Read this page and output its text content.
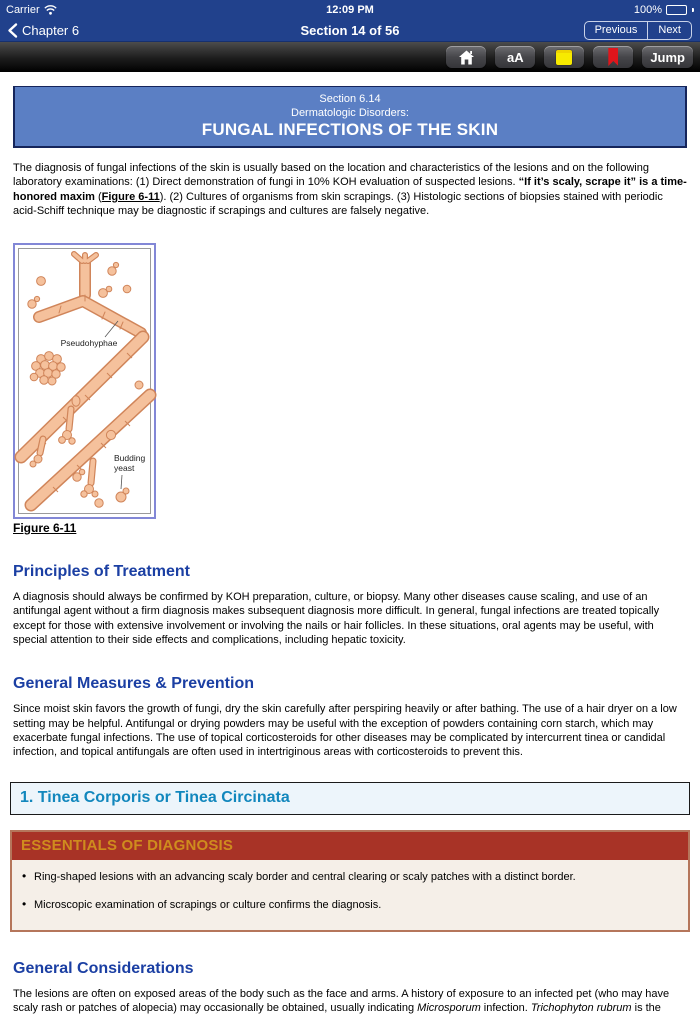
Carrier	12:09 PM	100%
Chapter 6	Section 14 of 56	Previous	Next
aA	Jump
Section 6.14
Dermatologic Disorders:
FUNGAL INFECTIONS OF THE SKIN

The diagnosis of fungal infections of the skin is usually based on the location and characteristics of the lesions and on the following laboratory examinations: (1) Direct demonstration of fungi in 10% KOH evaluation of suspected lesions. “If it’s scaly, scrape it” is a time-honored maxim (Figure 6-11). (2) Cultures of organisms from skin scrapings. (3) Histologic sections of biopsies stained with periodic acid-Schiff technique may be diagnostic if scrapings and cultures are falsely negative.

Pseudohyphae
Budding
yeast
Figure 6-11
Principles of Treatment

A diagnosis should always be confirmed by KOH preparation, culture, or biopsy. Many other diseases cause scaling, and use of an antifungal agent without a firm diagnosis makes subsequent diagnosis more difficult. In general, fungal infections are treated topically except for those with extensive involvement or involving the nails or hair follicles. In these situations, oral agents may be useful, with special attention to their side effects and complications, including hepatic toxicity.

General Measures & Prevention

Since moist skin favors the growth of fungi, dry the skin carefully after perspiring heavily or after bathing. The use of a hair dryer on a low setting may be helpful. Antifungal or drying powders may be useful with the exception of powders containing corn starch, which may exacerbate fungal infections. The use of topical corticosteroids for other diseases may be complicated by intercurrent tinea or candidal infection, and topical antifungals are often used in intertriginous areas with corticosteroids to prevent this.

1. Tinea Corporis or Tinea Circinata
ESSENTIALS OF DIAGNOSIS
• Ring-shaped lesions with an advancing scaly border and central clearing or scaly patches with a distinct border.
• Microscopic examination of scrapings or culture confirms the diagnosis.
General Considerations

The lesions are often on exposed areas of the body such as the face and arms. A history of exposure to an infected pet (who may have scaly rash or patches of alopecia) may occasionally be obtained, usually indicating Microsporum infection. Trichophyton rubrum is the
